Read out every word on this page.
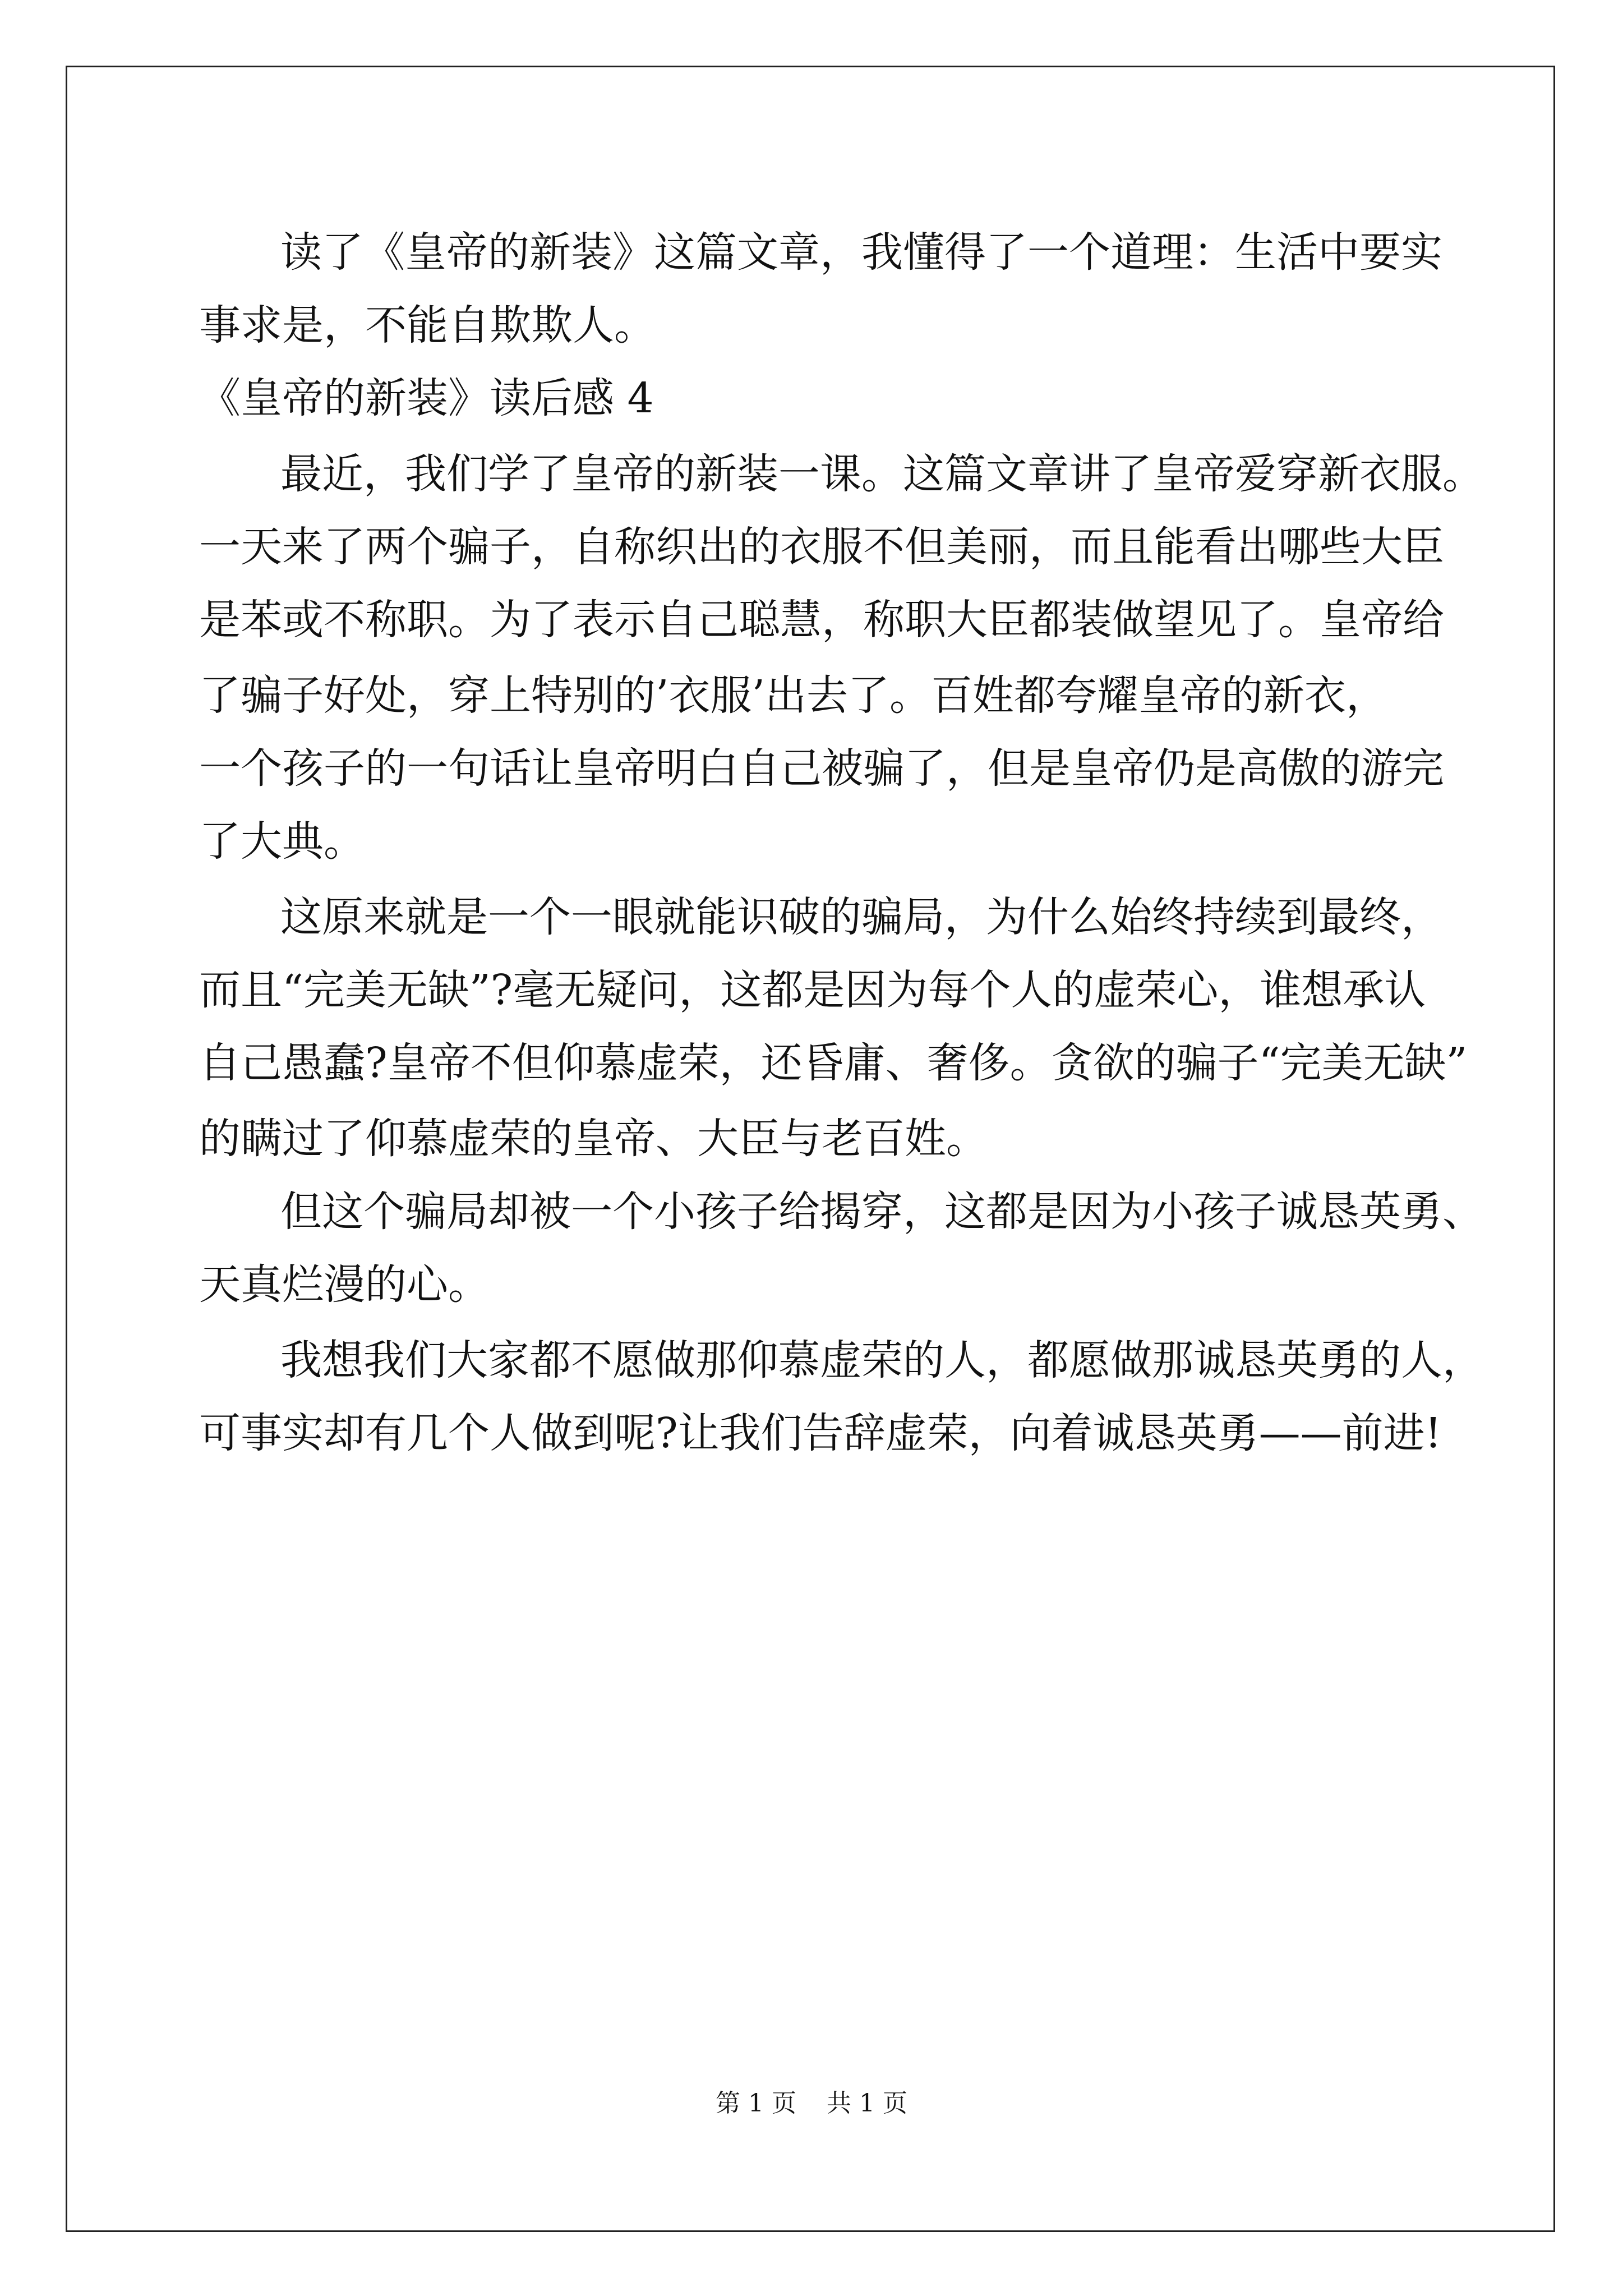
读了《皇帝的新装》这篇文章，我懂得了一个道理：生活中要实

事求是，不能自欺欺人。

《皇帝的新装》读后感 4

最近，我们学了皇帝的新装一课。这篇文章讲了皇帝爱穿新衣服。

一天来了两个骗子，自称织出的衣服不但美丽，而且能看出哪些大臣

是苯或不称职。为了表示自己聪慧，称职大臣都装做望见了。皇帝给

了骗子好处，穿上特别的’衣服’出去了。百姓都夸耀皇帝的新衣，

一个孩子的一句话让皇帝明白自己被骗了，但是皇帝仍是高傲的游完

了大典。

这原来就是一个一眼就能识破的骗局，为什么始终持续到最终，

而且“完美无缺”?毫无疑问，这都是因为每个人的虚荣心，谁想承认

自己愚蠢?皇帝不但仰慕虚荣，还昏庸、奢侈。贪欲的骗子“完美无缺”

的瞒过了仰慕虚荣的皇帝、大臣与老百姓。

但这个骗局却被一个小孩子给揭穿，这都是因为小孩子诚恳英勇、

天真烂漫的心。

我想我们大家都不愿做那仰慕虚荣的人，都愿做那诚恳英勇的人，

可事实却有几个人做到呢?让我们告辞虚荣，向着诚恳英勇——前进!

第 1 页 共 1 页
